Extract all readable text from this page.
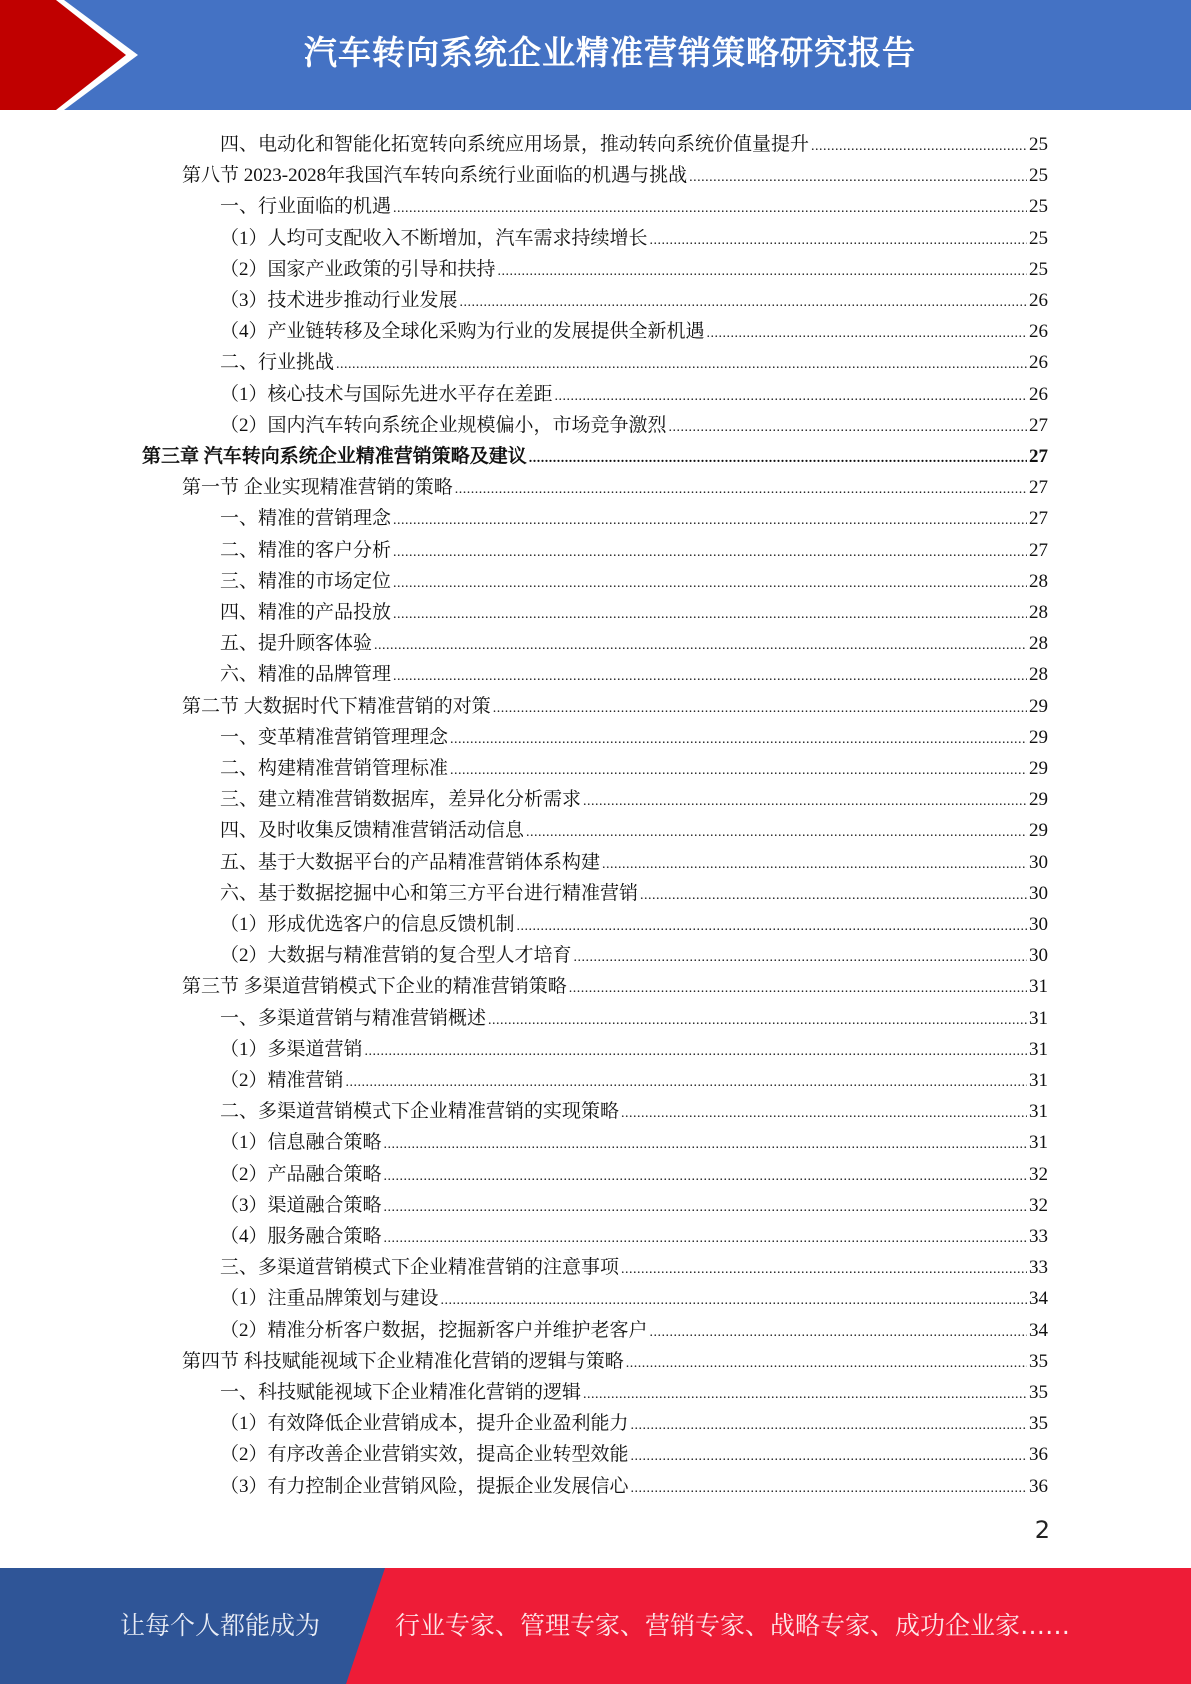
汽车转向系统企业精准营销策略研究报告
四、电动化和智能化拓宽转向系统应用场景，推动转向系统价值量提升 .....	25
第八节 2023-2028年我国汽车转向系统行业面临的机遇与挑战 .....	25
一、行业面临的机遇 .....	25
（1）人均可支配收入不断增加，汽车需求持续增长 .....	25
（2）国家产业政策的引导和扶持 .....	25
（3）技术进步推动行业发展 .....	26
（4）产业链转移及全球化采购为行业的发展提供全新机遇 .....	26
二、行业挑战 .....	26
（1）核心技术与国际先进水平存在差距 .....	26
（2）国内汽车转向系统企业规模偏小，市场竞争激烈 .....	27
第三章 汽车转向系统企业精准营销策略及建议 .....	27
第一节 企业实现精准营销的策略 .....	27
一、精准的营销理念 .....	27
二、精准的客户分析 .....	27
三、精准的市场定位 .....	28
四、精准的产品投放 .....	28
五、提升顾客体验 .....	28
六、精准的品牌管理 .....	28
第二节 大数据时代下精准营销的对策 .....	29
一、变革精准营销管理理念 .....	29
二、构建精准营销管理标准 .....	29
三、建立精准营销数据库，差异化分析需求 .....	29
四、及时收集反馈精准营销活动信息 .....	29
五、基于大数据平台的产品精准营销体系构建 .....	30
六、基于数据挖掘中心和第三方平台进行精准营销 .....	30
（1）形成优选客户的信息反馈机制 .....	30
（2）大数据与精准营销的复合型人才培育 .....	30
第三节 多渠道营销模式下企业的精准营销策略 .....	31
一、多渠道营销与精准营销概述 .....	31
（1）多渠道营销 .....	31
（2）精准营销 .....	31
二、多渠道营销模式下企业精准营销的实现策略 .....	31
（1）信息融合策略 .....	31
（2）产品融合策略 .....	32
（3）渠道融合策略 .....	32
（4）服务融合策略 .....	33
三、多渠道营销模式下企业精准营销的注意事项 .....	33
（1）注重品牌策划与建设 .....	34
（2）精准分析客户数据，挖掘新客户并维护老客户 .....	34
第四节 科技赋能视域下企业精准化营销的逻辑与策略 .....	35
一、科技赋能视域下企业精准化营销的逻辑 .....	35
（1）有效降低企业营销成本，提升企业盈利能力 .....	35
（2）有序改善企业营销实效，提高企业转型效能 .....	36
（3）有力控制企业营销风险，提振企业发展信心 .....	36
2
让每个人都能成为	行业专家、管理专家、营销专家、战略专家、成功企业家……
